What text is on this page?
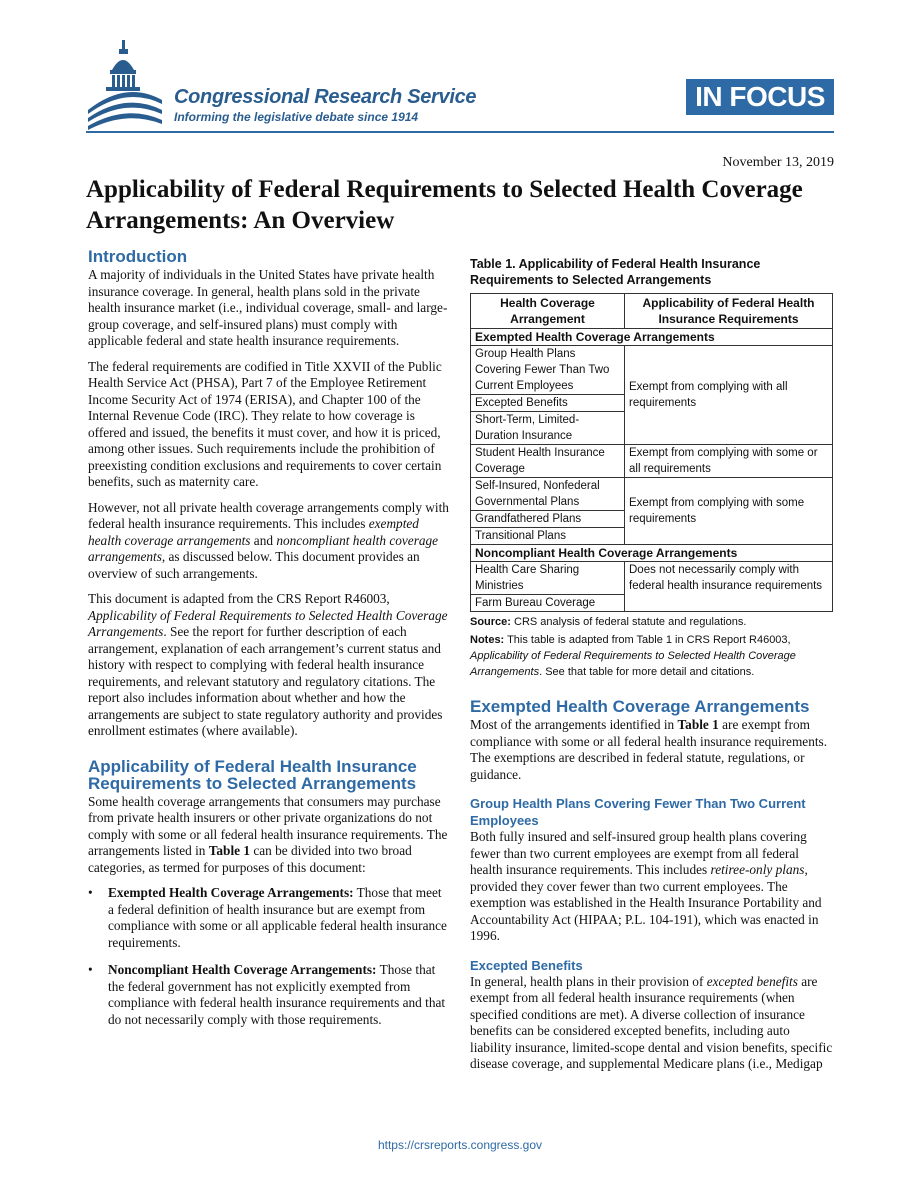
Congressional Research Service
Informing the legislative debate since 1914
IN FOCUS
November 13, 2019
Applicability of Federal Requirements to Selected Health Coverage Arrangements: An Overview
Introduction

A majority of individuals in the United States have private health insurance coverage. In general, health plans sold in the private health insurance market (i.e., individual coverage, small- and large-group coverage, and self-insured plans) must comply with applicable federal and state health insurance requirements.

The federal requirements are codified in Title XXVII of the Public Health Service Act (PHSA), Part 7 of the Employee Retirement Income Security Act of 1974 (ERISA), and Chapter 100 of the Internal Revenue Code (IRC). They relate to how coverage is offered and issued, the benefits it must cover, and how it is priced, among other issues. Such requirements include the prohibition of preexisting condition exclusions and requirements to cover certain benefits, such as maternity care.

However, not all private health coverage arrangements comply with federal health insurance requirements. This includes exempted health coverage arrangements and noncompliant health coverage arrangements, as discussed below. This document provides an overview of such arrangements.

This document is adapted from the CRS Report R46003, Applicability of Federal Requirements to Selected Health Coverage Arrangements. See the report for further description of each arrangement, explanation of each arrangement’s current status and history with respect to complying with federal health insurance requirements, and relevant statutory and regulatory citations. The report also includes information about whether and how the arrangements are subject to state regulatory authority and provides enrollment estimates (where available).

Applicability of Federal Health Insurance Requirements to Selected Arrangements

Some health coverage arrangements that consumers may purchase from private health insurers or other private organizations do not comply with some or all federal health insurance requirements. The arrangements listed in Table 1 can be divided into two broad categories, as termed for purposes of this document:

• Exempted Health Coverage Arrangements: Those that meet a federal definition of health insurance but are exempt from compliance with some or all applicable federal health insurance requirements.
• Noncompliant Health Coverage Arrangements: Those that the federal government has not explicitly exempted from compliance with federal health insurance requirements and that do not necessarily comply with those requirements.
Table 1. Applicability of Federal Health Insurance Requirements to Selected Arrangements
Health Coverage Arrangement	Applicability of Federal Health Insurance Requirements
Exempted Health Coverage Arrangements	
Group Health Plans Covering Fewer Than Two Current Employees	Exempt from complying with all requirements
Excepted Benefits	
Short-Term, Limited-Duration Insurance	
Student Health Insurance Coverage	Exempt from complying with some or all requirements
Self-Insured, Nonfederal Governmental Plans	Exempt from complying with some requirements
Grandfathered Plans	
Transitional Plans	
Noncompliant Health Coverage Arrangements	
Health Care Sharing Ministries	Does not necessarily comply with federal health insurance requirements
Farm Bureau Coverage	
Source: CRS analysis of federal statute and regulations.
Notes: This table is adapted from Table 1 in CRS Report R46003, Applicability of Federal Requirements to Selected Health Coverage Arrangements. See that table for more detail and citations.
Exempted Health Coverage Arrangements

Most of the arrangements identified in Table 1 are exempt from compliance with some or all federal health insurance requirements. The exemptions are described in federal statute, regulations, or guidance.

Group Health Plans Covering Fewer Than Two Current Employees

Both fully insured and self-insured group health plans covering fewer than two current employees are exempt from all federal health insurance requirements. This includes retiree-only plans, provided they cover fewer than two current employees. The exemption was established in the Health Insurance Portability and Accountability Act (HIPAA; P.L. 104-191), which was enacted in 1996.

Excepted Benefits

In general, health plans in their provision of excepted benefits are exempt from all federal health insurance requirements (when specified conditions are met). A diverse collection of insurance benefits can be considered excepted benefits, including auto liability insurance, limited-scope dental and vision benefits, specific disease coverage, and supplemental Medicare plans (i.e., Medigap

https://crsreports.congress.gov
